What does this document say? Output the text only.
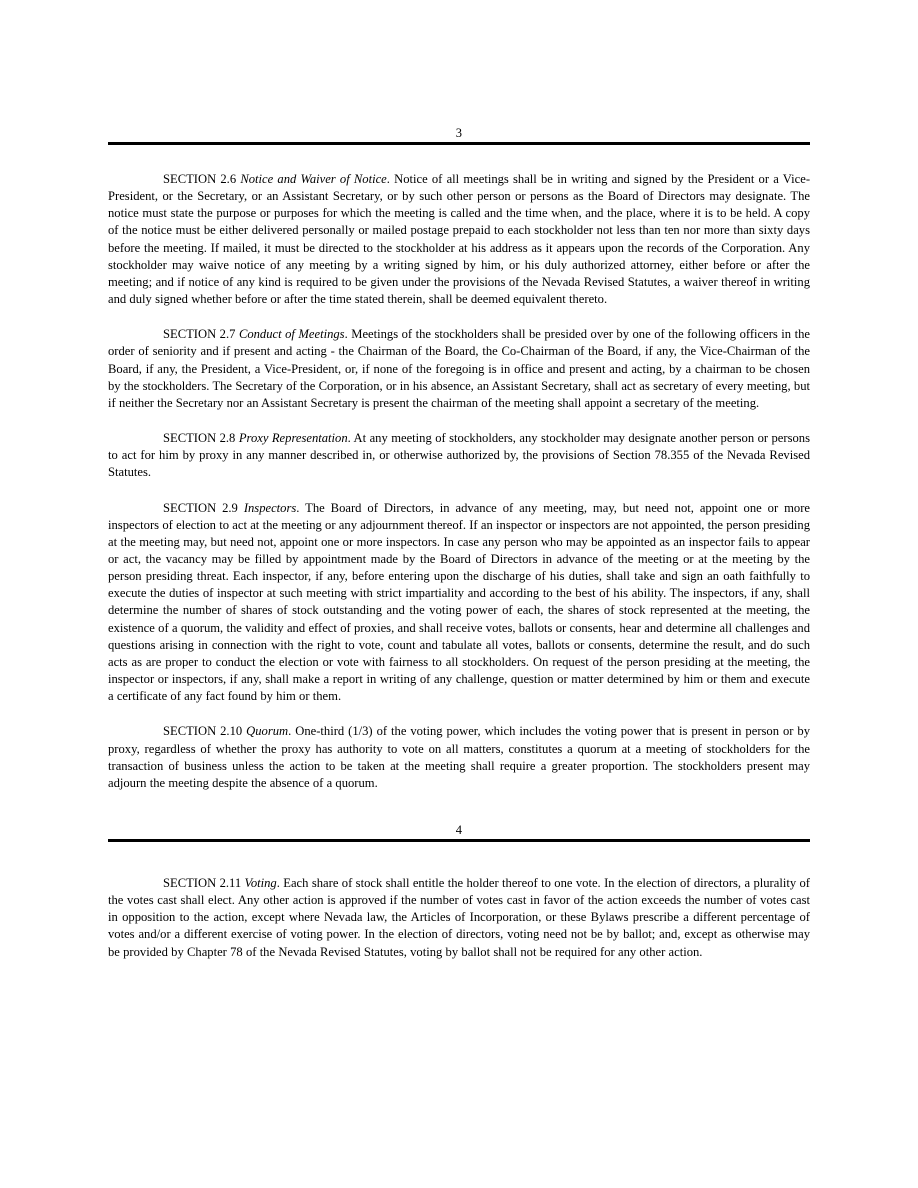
3

SECTION 2.6 Notice and Waiver of Notice. Notice of all meetings shall be in writing and signed by the President or a Vice-President, or the Secretary, or an Assistant Secretary, or by such other person or persons as the Board of Directors may designate. The notice must state the purpose or purposes for which the meeting is called and the time when, and the place, where it is to be held. A copy of the notice must be either delivered personally or mailed postage prepaid to each stockholder not less than ten nor more than sixty days before the meeting. If mailed, it must be directed to the stockholder at his address as it appears upon the records of the Corporation. Any stockholder may waive notice of any meeting by a writing signed by him, or his duly authorized attorney, either before or after the meeting; and if notice of any kind is required to be given under the provisions of the Nevada Revised Statutes, a waiver thereof in writing and duly signed whether before or after the time stated therein, shall be deemed equivalent thereto.

SECTION 2.7 Conduct of Meetings. Meetings of the stockholders shall be presided over by one of the following officers in the order of seniority and if present and acting - the Chairman of the Board, the Co-Chairman of the Board, if any, the Vice-Chairman of the Board, if any, the President, a Vice-President, or, if none of the foregoing is in office and present and acting, by a chairman to be chosen by the stockholders. The Secretary of the Corporation, or in his absence, an Assistant Secretary, shall act as secretary of every meeting, but if neither the Secretary nor an Assistant Secretary is present the chairman of the meeting shall appoint a secretary of the meeting.

SECTION 2.8 Proxy Representation. At any meeting of stockholders, any stockholder may designate another person or persons to act for him by proxy in any manner described in, or otherwise authorized by, the provisions of Section 78.355 of the Nevada Revised Statutes.

SECTION 2.9 Inspectors. The Board of Directors, in advance of any meeting, may, but need not, appoint one or more inspectors of election to act at the meeting or any adjournment thereof. If an inspector or inspectors are not appointed, the person presiding at the meeting may, but need not, appoint one or more inspectors. In case any person who may be appointed as an inspector fails to appear or act, the vacancy may be filled by appointment made by the Board of Directors in advance of the meeting or at the meeting by the person presiding threat. Each inspector, if any, before entering upon the discharge of his duties, shall take and sign an oath faithfully to execute the duties of inspector at such meeting with strict impartiality and according to the best of his ability. The inspectors, if any, shall determine the number of shares of stock outstanding and the voting power of each, the shares of stock represented at the meeting, the existence of a quorum, the validity and effect of proxies, and shall receive votes, ballots or consents, hear and determine all challenges and questions arising in connection with the right to vote, count and tabulate all votes, ballots or consents, determine the result, and do such acts as are proper to conduct the election or vote with fairness to all stockholders. On request of the person presiding at the meeting, the inspector or inspectors, if any, shall make a report in writing of any challenge, question or matter determined by him or them and execute a certificate of any fact found by him or them.

SECTION 2.10 Quorum. One-third (1/3) of the voting power, which includes the voting power that is present in person or by proxy, regardless of whether the proxy has authority to vote on all matters, constitutes a quorum at a meeting of stockholders for the transaction of business unless the action to be taken at the meeting shall require a greater proportion. The stockholders present may adjourn the meeting despite the absence of a quorum.

4

SECTION 2.11 Voting. Each share of stock shall entitle the holder thereof to one vote. In the election of directors, a plurality of the votes cast shall elect. Any other action is approved if the number of votes cast in favor of the action exceeds the number of votes cast in opposition to the action, except where Nevada law, the Articles of Incorporation, or these Bylaws prescribe a different percentage of votes and/or a different exercise of voting power. In the election of directors, voting need not be by ballot; and, except as otherwise may be provided by Chapter 78 of the Nevada Revised Statutes, voting by ballot shall not be required for any other action.
